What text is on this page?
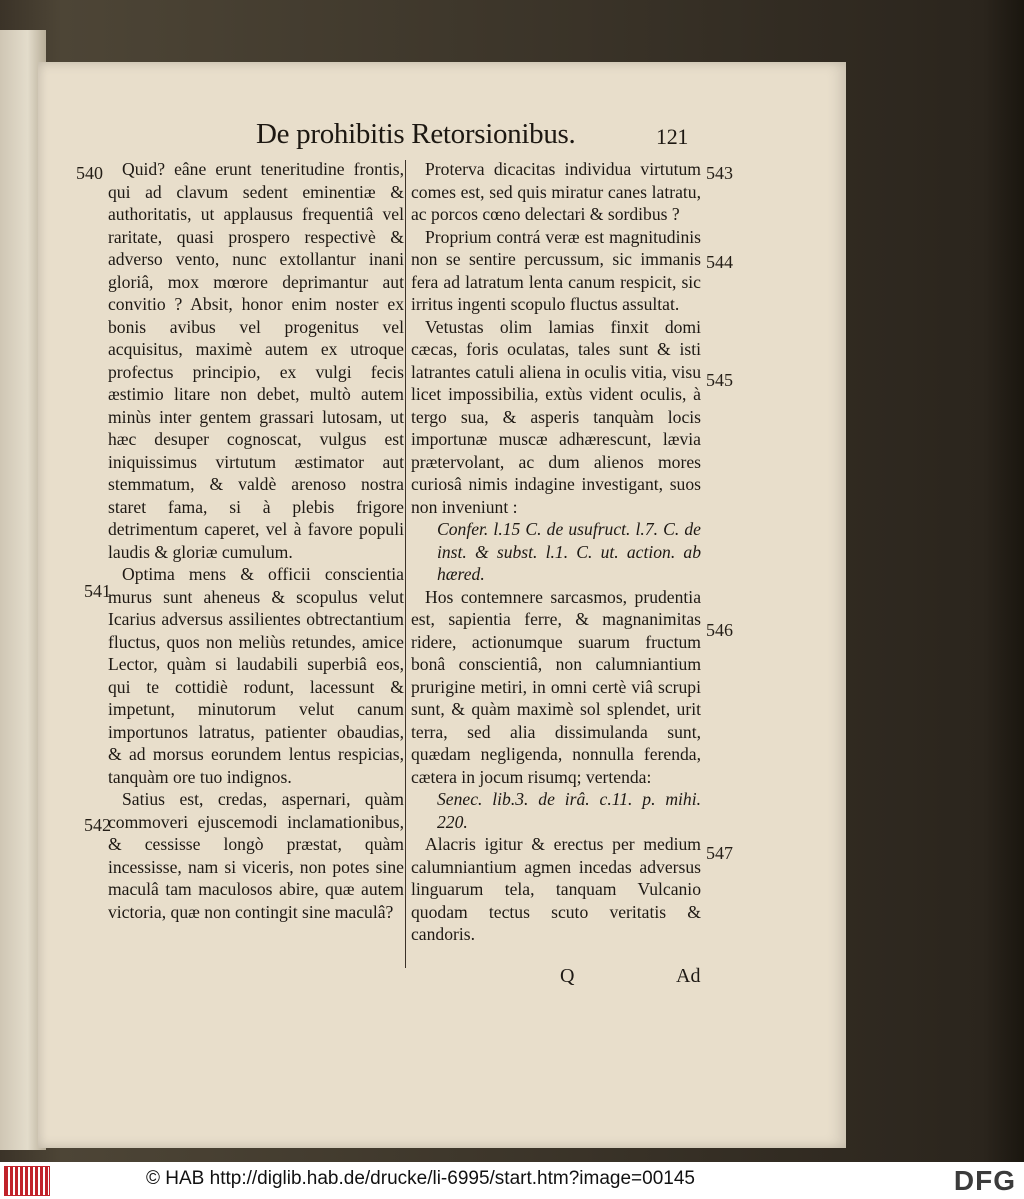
De prohibitis Retorsionibus.	121
540
541
542
543
544
545
546
547

Quid? eâne erunt teneritudine frontis, qui ad clavum sedent eminentiæ & authoritatis, ut applausus frequentiâ vel raritate, quasi prospero respectivè & adverso vento, nunc extollantur inani gloriâ, mox mœrore deprimantur aut convitio ? Absit, honor enim noster ex bonis avibus vel progenitus vel acquisitus, maximè autem ex utroque profectus principio, ex vulgi fecis æstimio litare non debet, multò autem minùs inter gentem grassari lutosam, ut hæc desuper cognoscat, vulgus est iniquissimus virtutum æstimator aut stemmatum, & valdè arenoso nostra staret fama, si à plebis frigore detrimentum caperet, vel à favore populi laudis & gloriæ cumulum.

Optima mens & officii conscientia murus sunt aheneus & scopulus velut Icarius adversus assilientes obtrectantium fluctus, quos non meliùs retundes, amice Lector, quàm si laudabili superbiâ eos, qui te cottidiè rodunt, lacessunt & impetunt, minutorum velut canum importunos latratus, patienter obaudias, & ad morsus eorundem lentus respicias, tanquàm ore tuo indignos.

Satius est, credas, aspernari, quàm commoveri ejuscemodi inclamationibus, & cessisse longò præstat, quàm incessisse, nam si viceris, non potes sine maculâ tam maculosos abire, quæ autem victoria, quæ non contingit sine maculâ?

Proterva dicacitas individua virtutum comes est, sed quis miratur canes latratu, ac porcos cœno delectari & sordibus ?

Proprium contrá veræ est magnitudinis non se sentire percussum, sic immanis fera ad latratum lenta canum respicit, sic irritus ingenti scopulo fluctus assultat.

Vetustas olim lamias finxit domi cæcas, foris oculatas, tales sunt & isti latrantes catuli aliena in oculis vitia, visu licet impossibilia, extùs vident oculis, à tergo sua, & asperis tanquàm locis importunæ muscæ adhærescunt, læviа prætervolant, ac dum alienos mores curiosâ nimis indagine investigant, suos non inveniunt :

Confer. l.15 C. de usufruct. l.7. C. de inst. & subst. l.1. C. ut. action. ab hæred.

Hos contemnere sarcasmos, prudentia est, sapientia ferre, & magnanimitas ridere, actionumque suarum fructum bonâ conscientiâ, non calumniantium prurigine metiri, in omni certè viâ scrupi sunt, & quàm maximè sol splendet, urit terra, sed alia dissimulanda sunt, quædam negligenda, nonnulla ferenda, cætera in jocum risumq; vertenda:

Senec. lib.3. de irâ. c.11. p. mihi. 220.

Alacris igitur & erectus per medium calumniantium agmen incedas adversus linguarum tela, tanquam Vulcanio quodam tectus scuto veritatis & candoris.

Q	Ad
© HAB http://diglib.hab.de/drucke/li-6995/start.htm?image=00145	DFG
